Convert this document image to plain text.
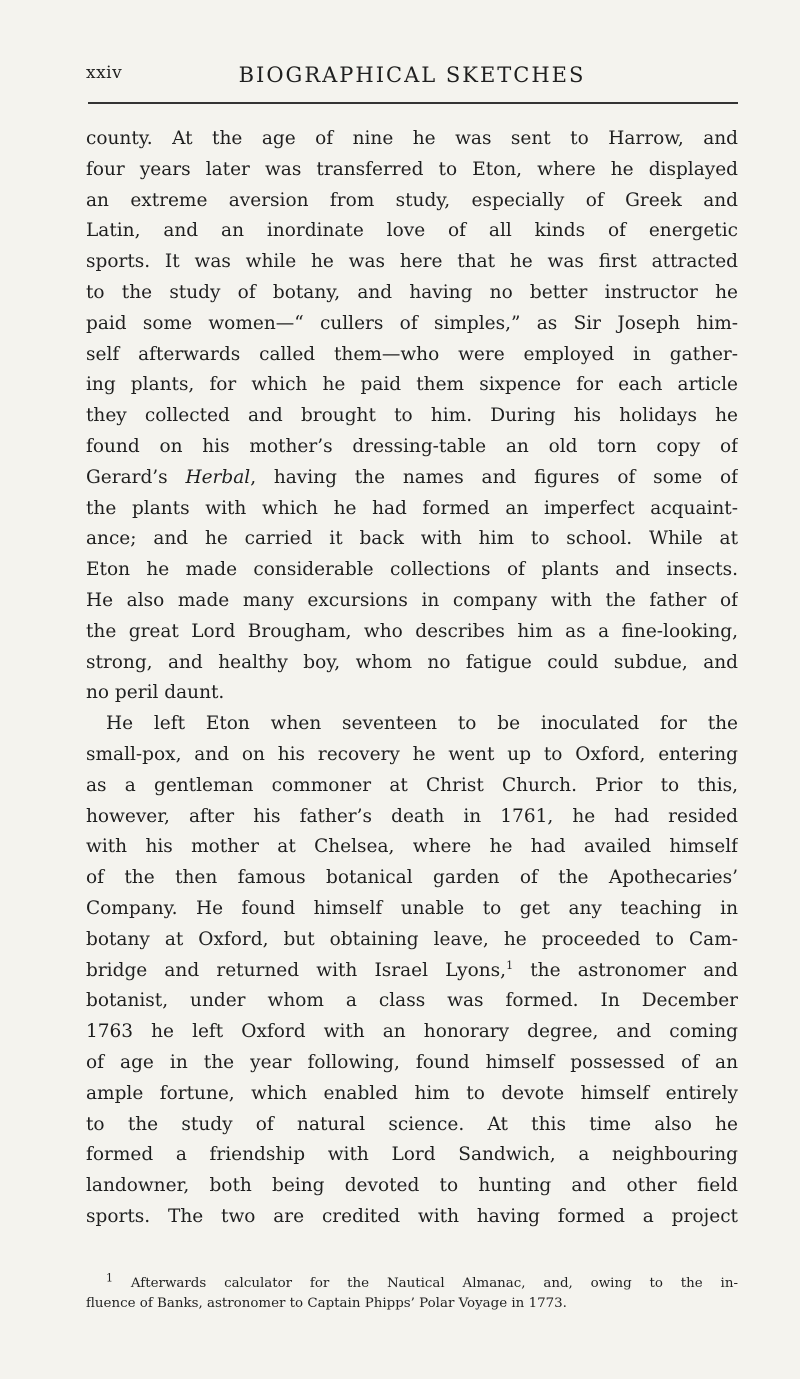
xxiv	BIOGRAPHICAL SKETCHES
county. At the age of nine he was sent to Harrow, and
four years later was transferred to Eton, where he displayed
an extreme aversion from study, especially of Greek and
Latin, and an inordinate love of all kinds of energetic
sports. It was while he was here that he was first attracted
to the study of botany, and having no better instructor he
paid some women—“ cullers of simples,” as Sir Joseph him-
self afterwards called them—who were employed in gather-
ing plants, for which he paid them sixpence for each article
they collected and brought to him. During his holidays he
found on his mother’s dressing-table an old torn copy of
Gerard’s Herbal, having the names and figures of some of
the plants with which he had formed an imperfect acquaint-
ance; and he carried it back with him to school. While at
Eton he made considerable collections of plants and insects.
He also made many excursions in company with the father of
the great Lord Brougham, who describes him as a fine-looking,
strong, and healthy boy, whom no fatigue could subdue, and
no peril daunt.
He left Eton when seventeen to be inoculated for the
small-pox, and on his recovery he went up to Oxford, entering
as a gentleman commoner at Christ Church. Prior to this,
however, after his father’s death in 1761, he had resided
with his mother at Chelsea, where he had availed himself
of the then famous botanical garden of the Apothecaries’
Company. He found himself unable to get any teaching in
botany at Oxford, but obtaining leave, he proceeded to Cam-
bridge and returned with Israel Lyons,$^1$ the astronomer and
botanist, under whom a class was formed. In December
1763 he left Oxford with an honorary degree, and coming
of age in the year following, found himself possessed of an
ample fortune, which enabled him to devote himself entirely
to the study of natural science. At this time also he
formed a friendship with Lord Sandwich, a neighbouring
landowner, both being devoted to hunting and other field
sports. The two are credited with having formed a project
$^1$ Afterwards calculator for the Nautical Almanac, and, owing to the in-
fluence of Banks, astronomer to Captain Phipps’ Polar Voyage in 1773.
